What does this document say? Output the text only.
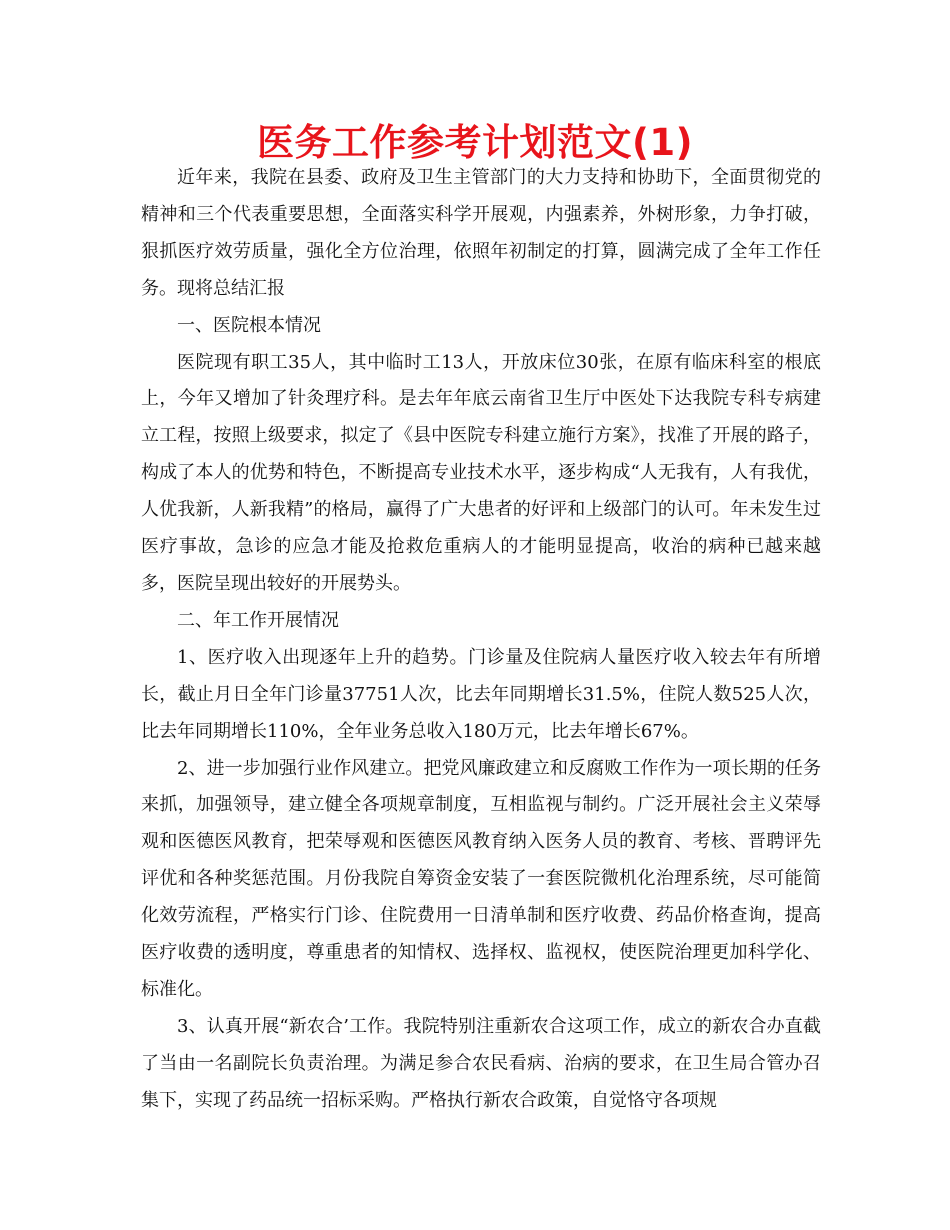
医务工作参考计划范文(1)

近年来，我院在县委、政府及卫生主管部门的大力支持和协助下，全面贯彻党的精神和三个代表重要思想，全面落实科学开展观，内强素养，外树形象，力争打破，狠抓医疗效劳质量，强化全方位治理，依照年初制定的打算，圆满完成了全年工作任务。现将总结汇报

一、医院根本情况

医院现有职工35人，其中临时工13人，开放床位30张，在原有临床科室的根底上，今年又增加了针灸理疗科。是去年年底云南省卫生厅中医处下达我院专科专病建立工程，按照上级要求，拟定了《县中医院专科建立施行方案》，找准了开展的路子，构成了本人的优势和特色，不断提高专业技术水平，逐步构成“人无我有，人有我优，人优我新，人新我精”的格局，赢得了广大患者的好评和上级部门的认可。年未发生过医疗事故，急诊的应急才能及抢救危重病人的才能明显提高，收治的病种已越来越多，医院呈现出较好的开展势头。

二、年工作开展情况

1、医疗收入出现逐年上升的趋势。门诊量及住院病人量医疗收入较去年有所增长，截止月日全年门诊量37751人次，比去年同期增长31.5%，住院人数525人次，比去年同期增长110%，全年业务总收入180万元，比去年增长67%。

2、进一步加强行业作风建立。把党风廉政建立和反腐败工作作为一项长期的任务来抓，加强领导，建立健全各项规章制度，互相监视与制约。广泛开展社会主义荣辱观和医德医风教育，把荣辱观和医德医风教育纳入医务人员的教育、考核、晋聘评先评优和各种奖惩范围。月份我院自筹资金安装了一套医院微机化治理系统，尽可能简化效劳流程，严格实行门诊、住院费用一日清单制和医疗收费、药品价格查询，提高医疗收费的透明度，尊重患者的知情权、选择权、监视权，使医院治理更加科学化、标准化。

3、认真开展“新农合’工作。我院特别注重新农合这项工作，成立的新农合办直截了当由一名副院长负责治理。为满足参合农民看病、治病的要求，在卫生局合管办召集下，实现了药品统一招标采购。严格执行新农合政策，自觉恪守各项规
